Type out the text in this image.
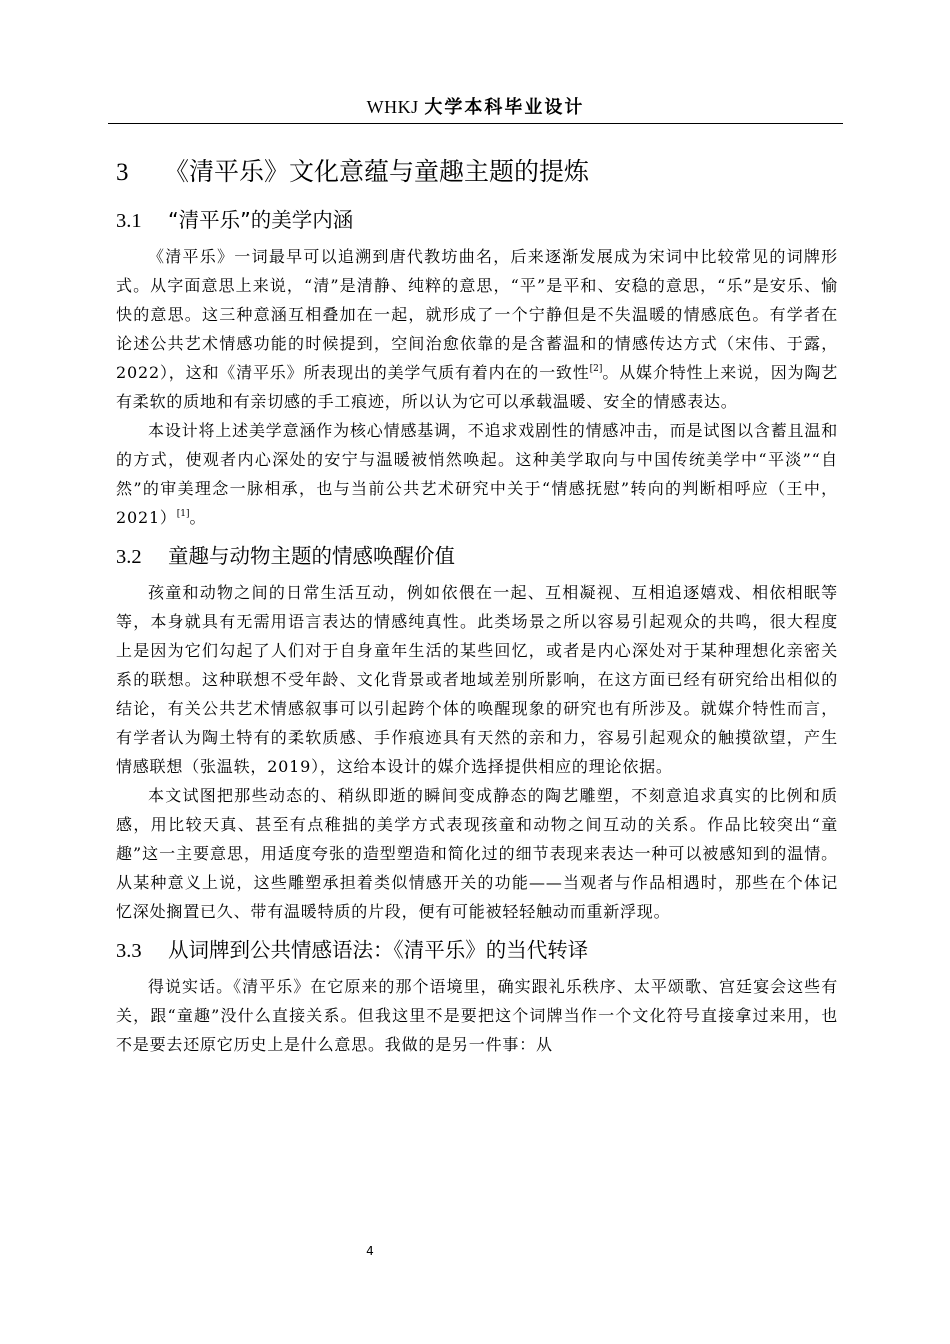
WHKJ 大学本科毕业设计
3 《清平乐》文化意蕴与童趣主题的提炼
3.1 “清平乐”的美学内涵

《清平乐》一词最早可以追溯到唐代教坊曲名，后来逐渐发展成为宋词中比较常见的词牌形式。从字面意思上来说，“清”是清静、纯粹的意思，“平”是平和、安稳的意思，“乐”是安乐、愉快的意思。这三种意涵互相叠加在一起，就形成了一个宁静但是不失温暖的情感底色。有学者在论述公共艺术情感功能的时候提到，空间治愈依靠的是含蓄温和的情感传达方式（宋伟、于露，2022），这和《清平乐》所表现出的美学气质有着内在的一致性[2]。从媒介特性上来说，因为陶艺有柔软的质地和有亲切感的手工痕迹，所以认为它可以承载温暖、安全的情感表达。

本设计将上述美学意涵作为核心情感基调，不追求戏剧性的情感冲击，而是试图以含蓄且温和的方式，使观者内心深处的安宁与温暖被悄然唤起。这种美学取向与中国传统美学中“平淡”“自然”的审美理念一脉相承，也与当前公共艺术研究中关于“情感抚慰”转向的判断相呼应（王中，2021）[1]。

3.2 童趣与动物主题的情感唤醒价值

孩童和动物之间的日常生活互动，例如依偎在一起、互相凝视、互相追逐嬉戏、相依相眠等等，本身就具有无需用语言表达的情感纯真性。此类场景之所以容易引起观众的共鸣，很大程度上是因为它们勾起了人们对于自身童年生活的某些回忆，或者是内心深处对于某种理想化亲密关系的联想。这种联想不受年龄、文化背景或者地域差别所影响，在这方面已经有研究给出相似的结论，有关公共艺术情感叙事可以引起跨个体的唤醒现象的研究也有所涉及。就媒介特性而言，有学者认为陶土特有的柔软质感、手作痕迹具有天然的亲和力，容易引起观众的触摸欲望，产生情感联想（张温轶，2019），这给本设计的媒介选择提供相应的理论依据。

本文试图把那些动态的、稍纵即逝的瞬间变成静态的陶艺雕塑，不刻意追求真实的比例和质感，用比较天真、甚至有点稚拙的美学方式表现孩童和动物之间互动的关系。作品比较突出“童趣”这一主要意思，用适度夸张的造型塑造和简化过的细节表现来表达一种可以被感知到的温情。从某种意义上说，这些雕塑承担着类似情感开关的功能——当观者与作品相遇时，那些在个体记忆深处搁置已久、带有温暖特质的片段，便有可能被轻轻触动而重新浮现。

3.3 从词牌到公共情感语法：《清平乐》的当代转译

得说实话。《清平乐》在它原来的那个语境里，确实跟礼乐秩序、太平颂歌、宫廷宴会这些有关，跟“童趣”没什么直接关系。但我这里不是要把这个词牌当作一个文化符号直接拿过来用，也不是要去还原它历史上是什么意思。我做的是另一件事：从

4
